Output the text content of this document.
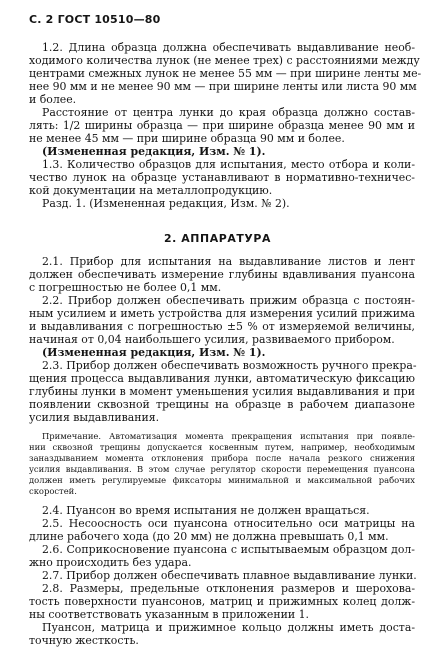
С. 2 ГОСТ 10510—80
1.2. Длина образца должна обеспечивать выдавливание необ-
ходимого количества лунок (не менее трех) с расстояниями между
центрами смежных лунок не менее 55 мм — при ширине ленты ме-
нее 90 мм и не менее 90 мм — при ширине ленты или листа 90 мм
и более.
Расстояние от центра лунки до края образца должно состав-
лять: 1/2 ширины образца — при ширине образца менее 90 мм и
не менее 45 мм — при ширине образца 90 мм и более.
(Измененная редакция, Изм. № 1).
1.3. Количество образцов для испытания, место отбора и коли-
чество лунок на образце устанавливают в нормативно-техничес-
кой документации на металлопродукцию.
Разд. 1. (Измененная редакция, Изм. № 2).
2. АППАРАТУРА
2.1. Прибор для испытания на выдавливание листов и лент
должен обеспечивать измерение глубины вдавливания пуансона
с погрешностью не более 0,1 мм.
2.2. Прибор должен обеспечивать прижим образца с постоян-
ным усилием и иметь устройства для измерения усилий прижима
и выдавливания с погрешностью ±5 % от измеряемой величины,
начиная от 0,04 наибольшего усилия, развиваемого прибором.
(Измененная редакция, Изм. № 1).
2.3. Прибор должен обеспечивать возможность ручного прекра-
щения процесса выдавливания лунки, автоматическую фиксацию
глубины лунки в момент уменьшения усилия выдавливания и при
появлении сквозной трещины на образце в рабочем диапазоне
усилия выдавливания.
Примечание. Автоматизация момента прекращения испытания при появле-
нии сквозной трещины допускается косвенным путем, например, необходимым
заназдыванием момента отклонения прибора после начала резкого снижения
усилия выдавливания. В этом случае регулятор скорости перемещения пуансона
должен иметь регулируемые фиксаторы минимальной и максимальной рабочих
скоростей.
2.4. Пуансон во время испытания не должен вращаться.
2.5. Несоосность оси пуансона относительно оси матрицы на
длине рабочего хода (до 20 мм) не должна превышать 0,1 мм.
2.6. Соприкосновение пуансона с испытываемым образцом дол-
жно происходить без удара.
2.7. Прибор должен обеспечивать плавное выдавливание лунки.
2.8. Размеры, предельные отклонения размеров и шерохова-
тость поверхности пуансонов, матриц и прижимных колец долж-
ны соответствовать указанным в приложении 1.
Пуансон, матрица и прижимное кольцо должны иметь доста-
точную жесткость.
